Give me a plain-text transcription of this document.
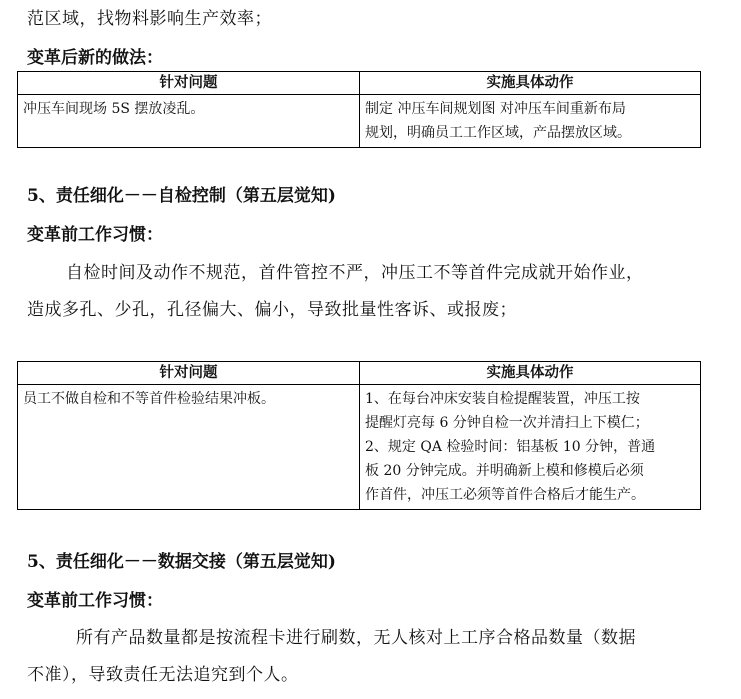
范区域，找物料影响生产效率；
变革后新的做法：
针对问题	实施具体动作
冲压车间现场 5S 摆放凌乱。	制定 冲压车间规划图 对冲压车间重新布局
规划，明确员工工作区域，产品摆放区域。
5、责任细化－－自检控制（第五层觉知)
变革前工作习惯：
自检时间及动作不规范，首件管控不严，冲压工不等首件完成就开始作业，
造成多孔、少孔，孔径偏大、偏小，导致批量性客诉、或报废；
针对问题	实施具体动作
员工不做自检和不等首件检验结果冲板。	1、在每台冲床安装自检提醒装置，冲压工按
提醒灯亮每 6 分钟自检一次并清扫上下模仁；
2、规定 QA 检验时间：铝基板 10 分钟，普通
板 20 分钟完成。并明确新上模和修模后必须
作首件，冲压工必须等首件合格后才能生产。
5、责任细化－－数据交接（第五层觉知)
变革前工作习惯：
所有产品数量都是按流程卡进行刷数，无人核对上工序合格品数量（数据
不准），导致责任无法追究到个人。
